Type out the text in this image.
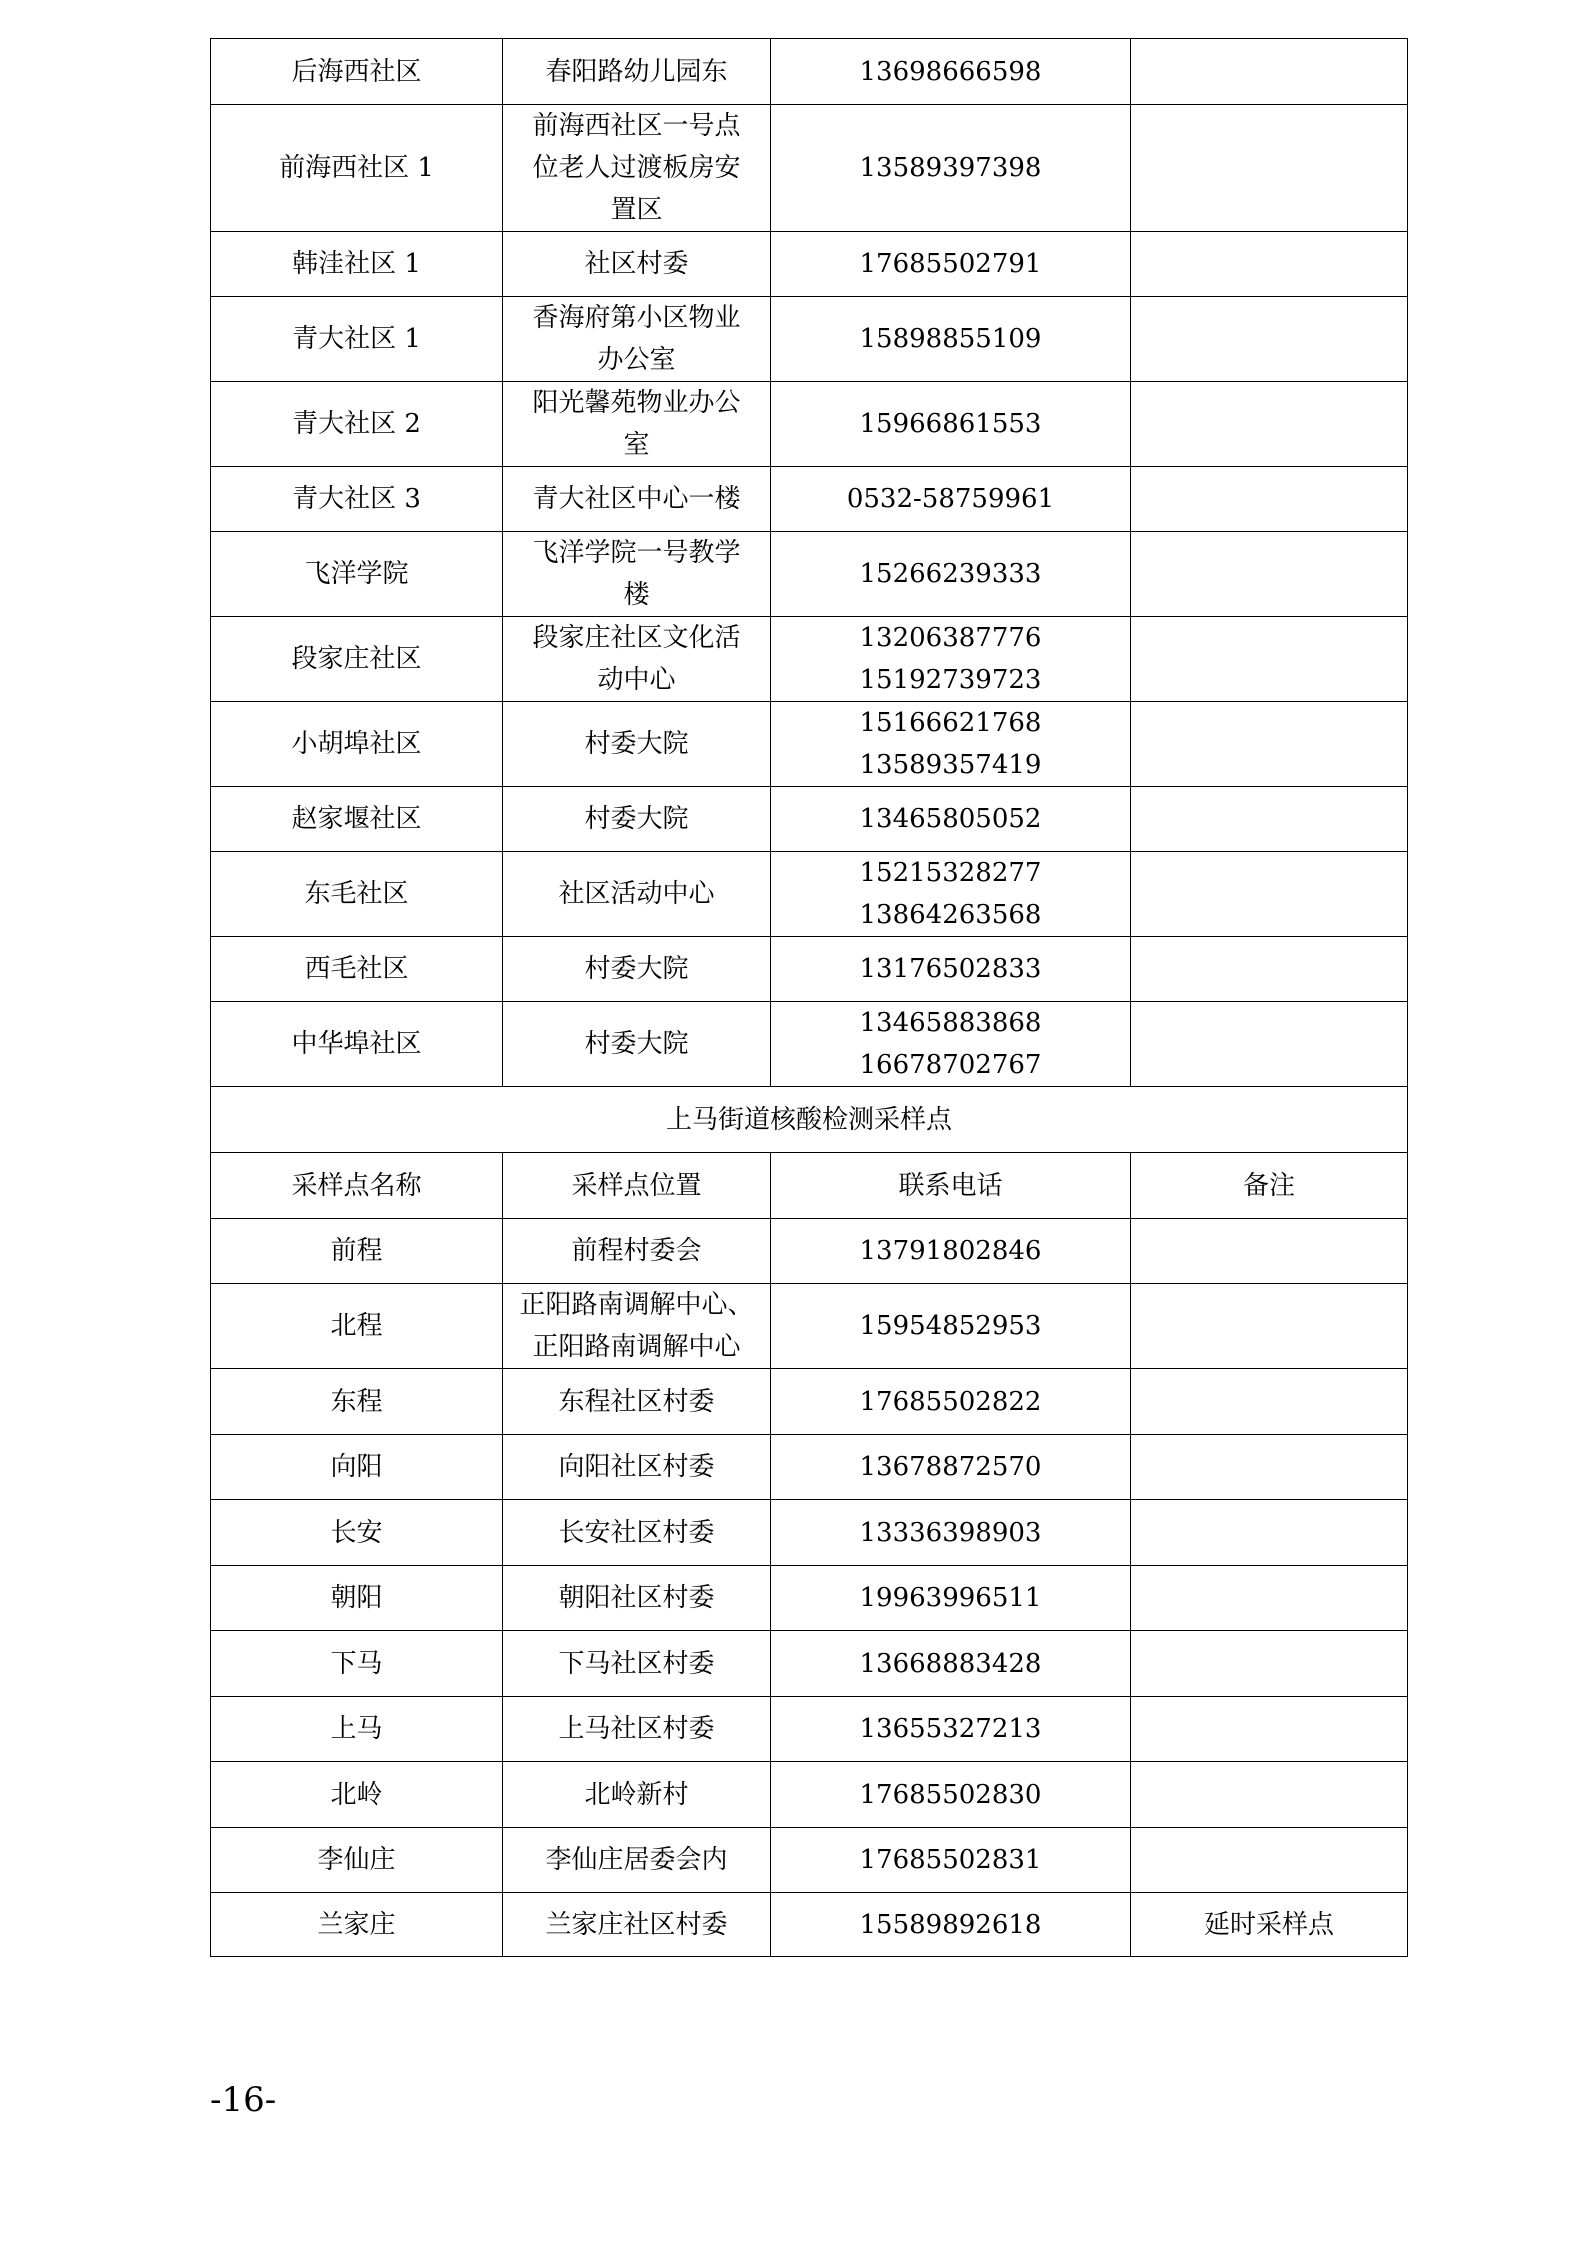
后海西社区	春阳路幼儿园东	13698666598	

前海西社区 1	前海西社区一号点
位老人过渡板房安
置区	13589397398	

韩洼社区 1	社区村委	17685502791	

青大社区 1	香海府第小区物业
办公室	15898855109	

青大社区 2	阳光馨苑物业办公
室	15966861553	

青大社区 3	青大社区中心一楼	0532-58759961	

飞洋学院	飞洋学院一号教学
楼	15266239333	

段家庄社区	段家庄社区文化活
动中心	13206387776
15192739723	

小胡埠社区	村委大院	15166621768
13589357419	

赵家堰社区	村委大院	13465805052	

东毛社区	社区活动中心	15215328277
13864263568	

西毛社区	村委大院	13176502833	

中华埠社区	村委大院	13465883868
16678702767	

上马街道核酸检测采样点			
采样点名称	采样点位置	联系电话	备注
前程	前程村委会	13791802846	

北程	正阳路南调解中心、
正阳路南调解中心	15954852953	

东程	东程社区村委	17685502822	

向阳	向阳社区村委	13678872570	

长安	长安社区村委	13336398903	

朝阳	朝阳社区村委	19963996511	

下马	下马社区村委	13668883428	

上马	上马社区村委	13655327213	

北岭	北岭新村	17685502830	

李仙庄	李仙庄居委会内	17685502831	

兰家庄	兰家庄社区村委	15589892618	延时采样点
-16-
